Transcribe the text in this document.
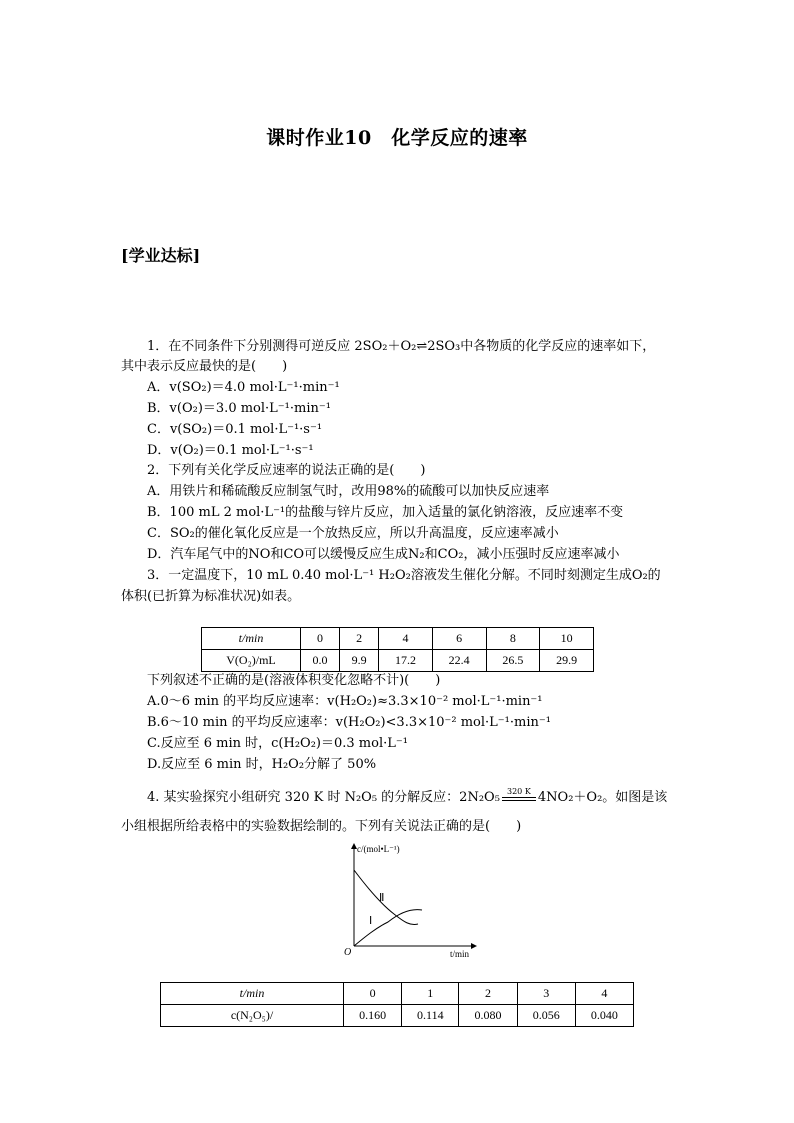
课时作业10　化学反应的速率
[学业达标]
1．在不同条件下分别测得可逆反应 2SO₂＋O₂⇌2SO₃中各物质的化学反应的速率如下，
其中表示反应最快的是(　　)
A．v(SO₂)＝4.0 mol·L⁻¹·min⁻¹
B．v(O₂)＝3.0 mol·L⁻¹·min⁻¹
C．v(SO₂)＝0.1 mol·L⁻¹·s⁻¹
D．v(O₂)＝0.1 mol·L⁻¹·s⁻¹
2．下列有关化学反应速率的说法正确的是(　　)
A．用铁片和稀硫酸反应制氢气时，改用98%的硫酸可以加快反应速率
B．100 mL 2 mol·L⁻¹的盐酸与锌片反应，加入适量的氯化钠溶液，反应速率不变
C．SO₂的催化氧化反应是一个放热反应，所以升高温度，反应速率减小
D．汽车尾气中的NO和CO可以缓慢反应生成N₂和CO₂，减小压强时反应速率减小
3．一定温度下，10 mL 0.40 mol·L⁻¹ H₂O₂溶液发生催化分解。不同时刻测定生成O₂的
体积(已折算为标准状况)如表。
t/min	0	2	4	6	8	10
V(O₂)/mL	0.0	9.9	17.2	22.4	26.5	29.9
下列叙述不正确的是(溶液体积变化忽略不计)(　　)
A.0～6 min 的平均反应速率：v(H₂O₂)≈3.3×10⁻² mol·L⁻¹·min⁻¹
B.6～10 min 的平均反应速率：v(H₂O₂)<3.3×10⁻² mol·L⁻¹·min⁻¹
C.反应至 6 min 时，c(H₂O₂)＝0.3 mol·L⁻¹
D.反应至 6 min 时，H₂O₂分解了 50%
4. 某实验探究小组研究 320 K 时 N₂O₅ 的分解反应：2N₂O₅ 320 K 4NO₂＋O₂。如图是该
小组根据所给表格中的实验数据绘制的。下列有关说法正确的是(　　)
c/(mol•L⁻¹)
t/min
O
Ⅱ
Ⅰ
t/min	0	1	2	3	4
c(N₂O₅)/	0.160	0.114	0.080	0.056	0.040
